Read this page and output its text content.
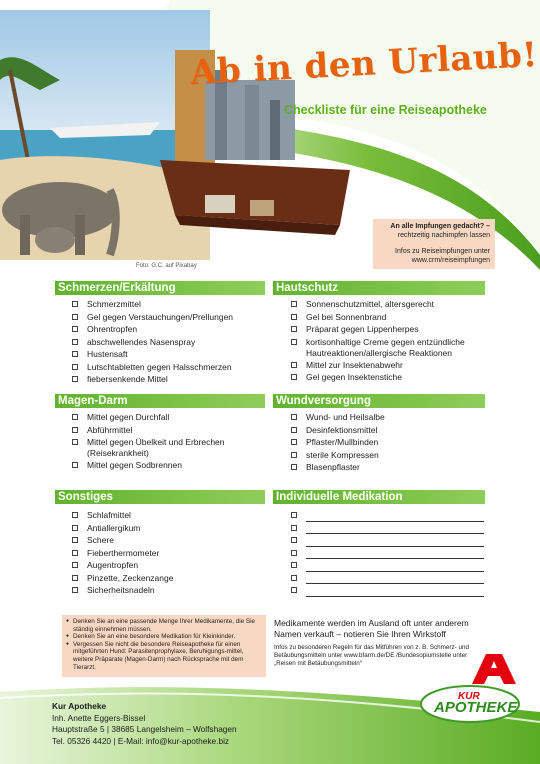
Foto: G.C. auf Pixabay
Ab in den Urlaub!
Checkliste für eine Reiseapotheke
An alle Impfungen gedacht? –
rechtzeitig nachimpfen lassen
Infos zu Reiseimpfungen unter
www.crm/reiseimpfungen
Schmerzen/Erkältung	Hautschutz
Magen-Darm	Wundversorgung
Sonstiges	Individuelle Medikation
Schmerzmittel
Gel gegen Verstauchungen/Prellungen
Ohrentropfen
abschwellendes Nasenspray
Hustensaft
Lutschtabletten gegen Halsschmerzen
fiebersenkende Mittel
Sonnenschutzmittel, altersgerecht
Gel bei Sonnenbrand
Präparat gegen Lippenherpes
kortisonhaltige Creme gegen entzündliche Hautreaktionen/allergische Reaktionen
Mittel zur Insektenabwehr
Gel gegen Insektenstiche
Mittel gegen Durchfall
Abführmittel
Mittel gegen Übelkeit und Erbrechen (Reisekrankheit)
Mittel gegen Sodbrennen
Wund- und Heilsalbe
Desinfektionsmittel
Pflaster/Mullbinden
sterile Kompressen
Blasenpflaster
Schlafmittel
Antiallergikum
Schere
Fieberthermometer
Augentropfen
Pinzette, Zeckenzange
Sicherheitsnadeln
● Denken Sie an eine passende Menge Ihrer Medikamente, die Sie ständig einnehmen müssen.
● Denken Sie an eine besondere Medikation für Kleinkinder.
● Vergessen Sie nicht die besondere Reiseapotheke für einen mitgeführten Hund: Parasitenprophylaxe, Beruhigungs-mittel, weitere Präparate (Magen-Darm) nach Rücksprache mit dem Tierarzt.
Medikamente werden im Ausland oft unter anderem Namen verkauft – notieren Sie Ihren Wirkstoff
Infos zu besonderen Regeln für das Mitführen von z. B. Schmerz- und Betäubungsmitteln unter www.bfarm.de/DE /Bundesopiumstelle unter „Reisen mit Betäubungsmitteln“
Kur Apotheke
Inh. Anette Eggers-Bissel
Hauptstraße 5 | 38685 Langelsheim – Wolfshagen
Tel. 05326 4420 | E-Mail: info@kur-apotheke.biz
A
KUR
APOTHEKE
